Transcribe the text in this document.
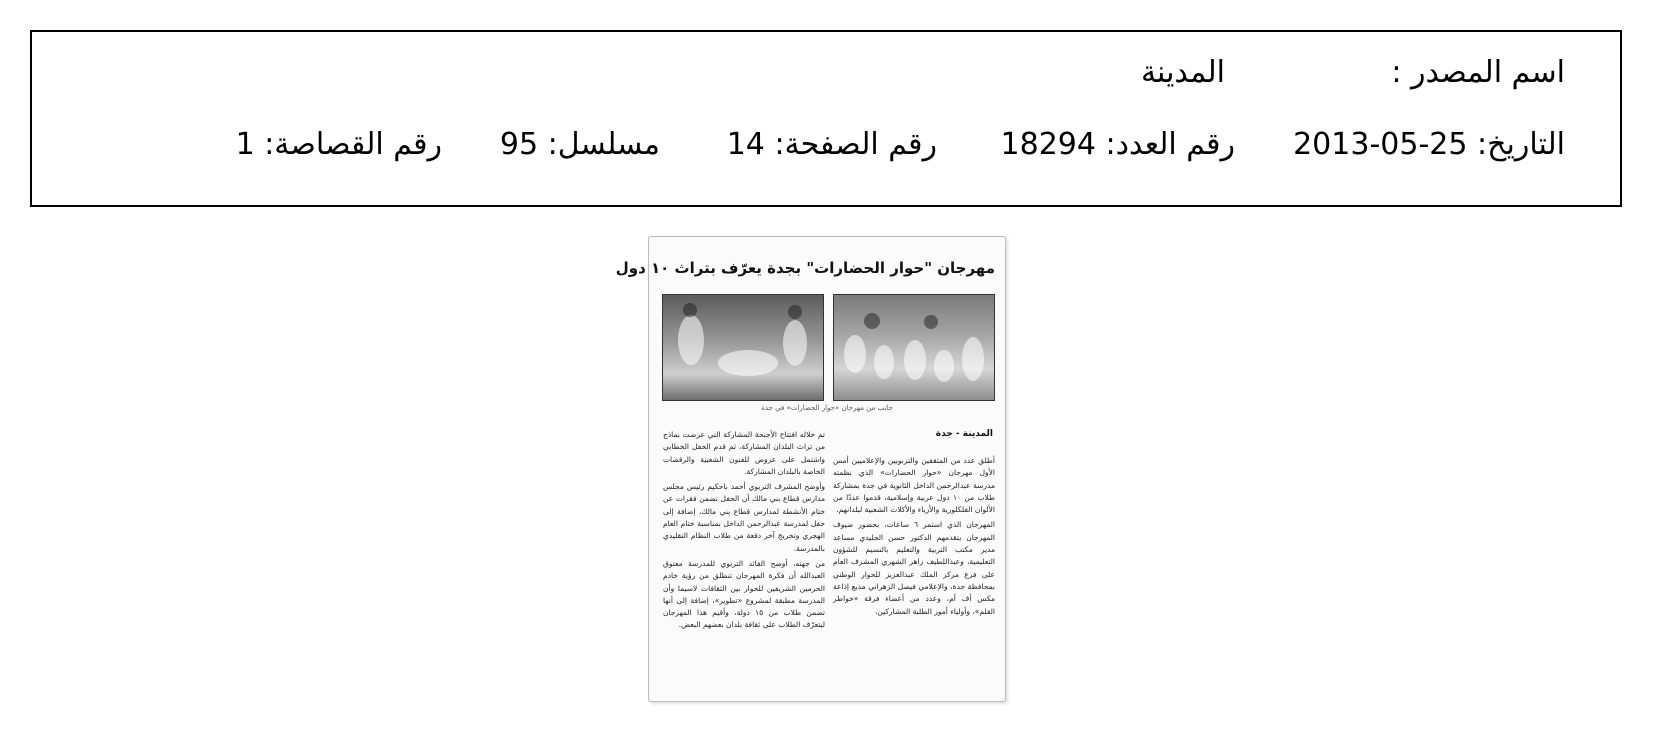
اسم المصدر :
المدينة
التاريخ: 25-05-2013
رقم العدد: 18294
رقم الصفحة: 14
مسلسل: 95
رقم القصاصة: 1
مهرجان "حوار الحضارات" بجدة يعرّف بتراث ١٠ دول
جانب من مهرجان «حوار الحضارات» في جدة
المدينة - جدة

أطلق عدد من المثقفين والتربويين والإعلاميين أمس الأول مهرجان «حوار الحضارات» الذي نظمته مدرسة عبدالرحمن الداخل الثانوية في جدة بمشاركة طلاب من ١٠ دول عربية وإسلامية، قدموا عددًا من الألوان الفلكلورية والأزياء والأكلات الشعبية لبلدانهم.

المهرجان الذي استمر ٦ ساعات، بحضور ضيوف المهرجان يتقدمهم الدكتور حسن الجليدي مساعد مدير مكتب التربية والتعليم بالنسيم للشؤون التعليمية، وعبداللطيف زاهر الشهري المشرف العام على فرع مركز الملك عبدالعزيز للحوار الوطني بمحافظة جدة، والإعلامي فيصل الزهراني مذيع إذاعة مكس أف أم، وعدد من أعضاء فرقة «خواطر القلم»، وأولياء أمور الطلبة المشاركين،

تم خلاله افتتاح الأجنحة المشاركة التي عرضت نماذج من تراث البلدان المشاركة، ثم قدم الحفل الخطابي واشتمل على عروض للفنون الشعبية والرقصات الخاصة بالبلدان المشاركة.

وأوضح المشرف التربوي أحمد باحكيم رئيس مجلس مدارس قطاع بني مالك أن الحفل تضمن فقرات عن ختام الأنشطة لمدارس قطاع بني مالك، إضافة إلى حفل لمدرسة عبدالرحمن الداخل بمناسبة ختام العام الهجري وتخريج آخر دفعة من طلاب النظام التقليدي بالمدرسة.

من جهته، أوضح القائد التربوي للمدرسة معتوق العبدالله أن فكرة المهرجان تنطلق من رؤية خادم الحرمين الشريفين للحوار بين الثقافات لاسيما وأن المدرسة مطبقة لمشروع «تطوير»، إضافة إلى أنها تضمن طلاب من ١٥ دولة، وأقيم هذا المهرجان ليتعرّف الطلاب على ثقافة بلدان بعضهم البعض.
